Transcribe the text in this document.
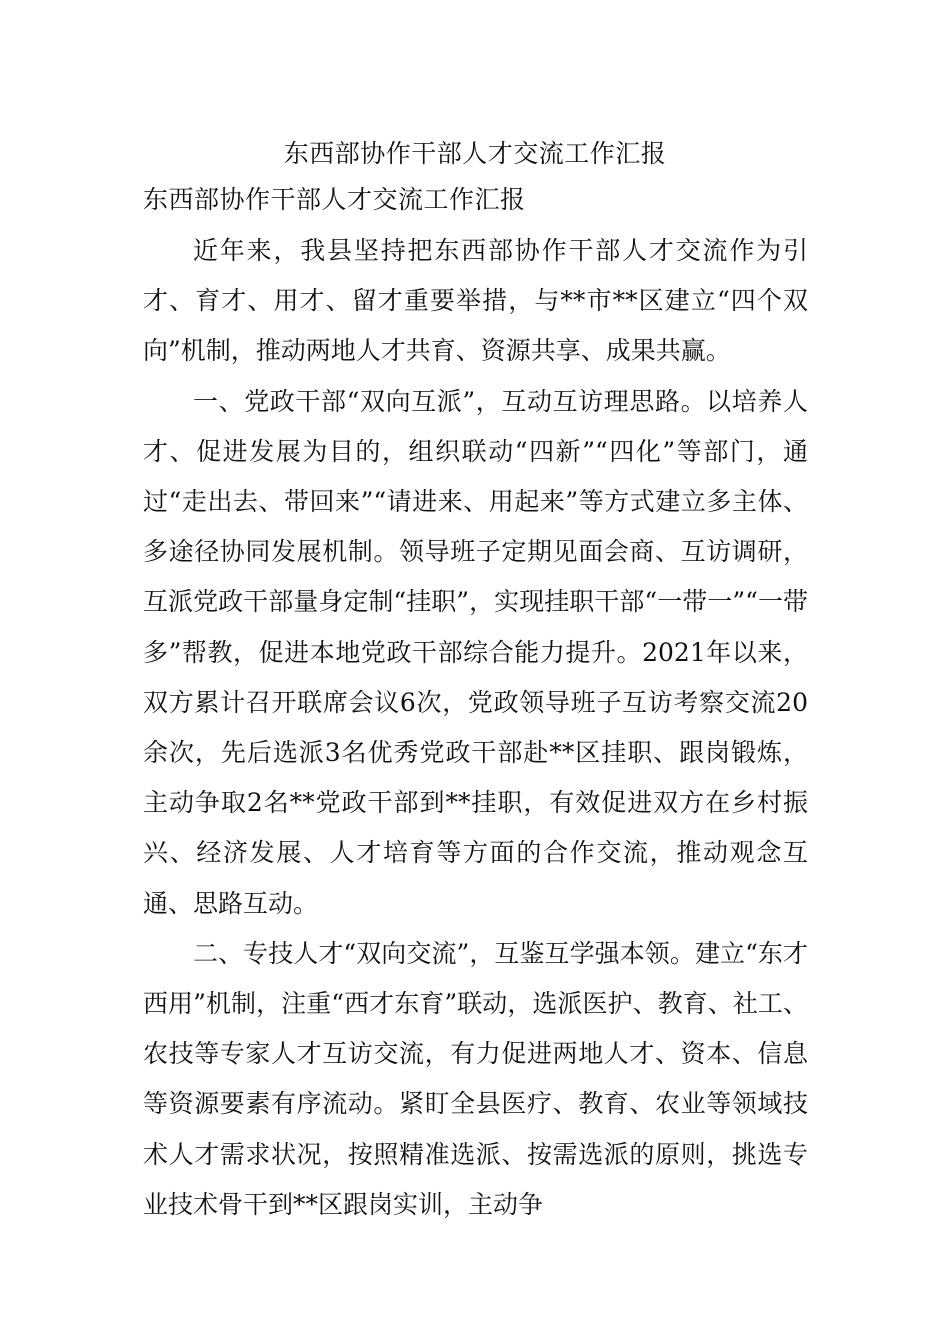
东西部协作干部人才交流工作汇报
东西部协作干部人才交流工作汇报

近年来，我县坚持把东西部协作干部人才交流作为引才、育才、用才、留才重要举措，与**市**区建立“四个双向”机制，推动两地人才共育、资源共享、成果共赢。

一、党政干部“双向互派”，互动互访理思路。以培养人才、促进发展为目的，组织联动“四新”“四化”等部门，通过“走出去、带回来”“请进来、用起来”等方式建立多主体、多途径协同发展机制。领导班子定期见面会商、互访调研，互派党政干部量身定制“挂职”，实现挂职干部“一带一”“一带多”帮教，促进本地党政干部综合能力提升。2021年以来，双方累计召开联席会议6次，党政领导班子互访考察交流20余次，先后选派3名优秀党政干部赴**区挂职、跟岗锻炼，主动争取2名**党政干部到**挂职，有效促进双方在乡村振兴、经济发展、人才培育等方面的合作交流，推动观念互通、思路互动。

二、专技人才“双向交流”，互鉴互学强本领。建立“东才西用”机制，注重“西才东育”联动，选派医护、教育、社工、农技等专家人才互访交流，有力促进两地人才、资本、信息等资源要素有序流动。紧盯全县医疗、教育、农业等领域技术人才需求状况，按照精准选派、按需选派的原则，挑选专业技术骨干到**区跟岗实训，主动争
